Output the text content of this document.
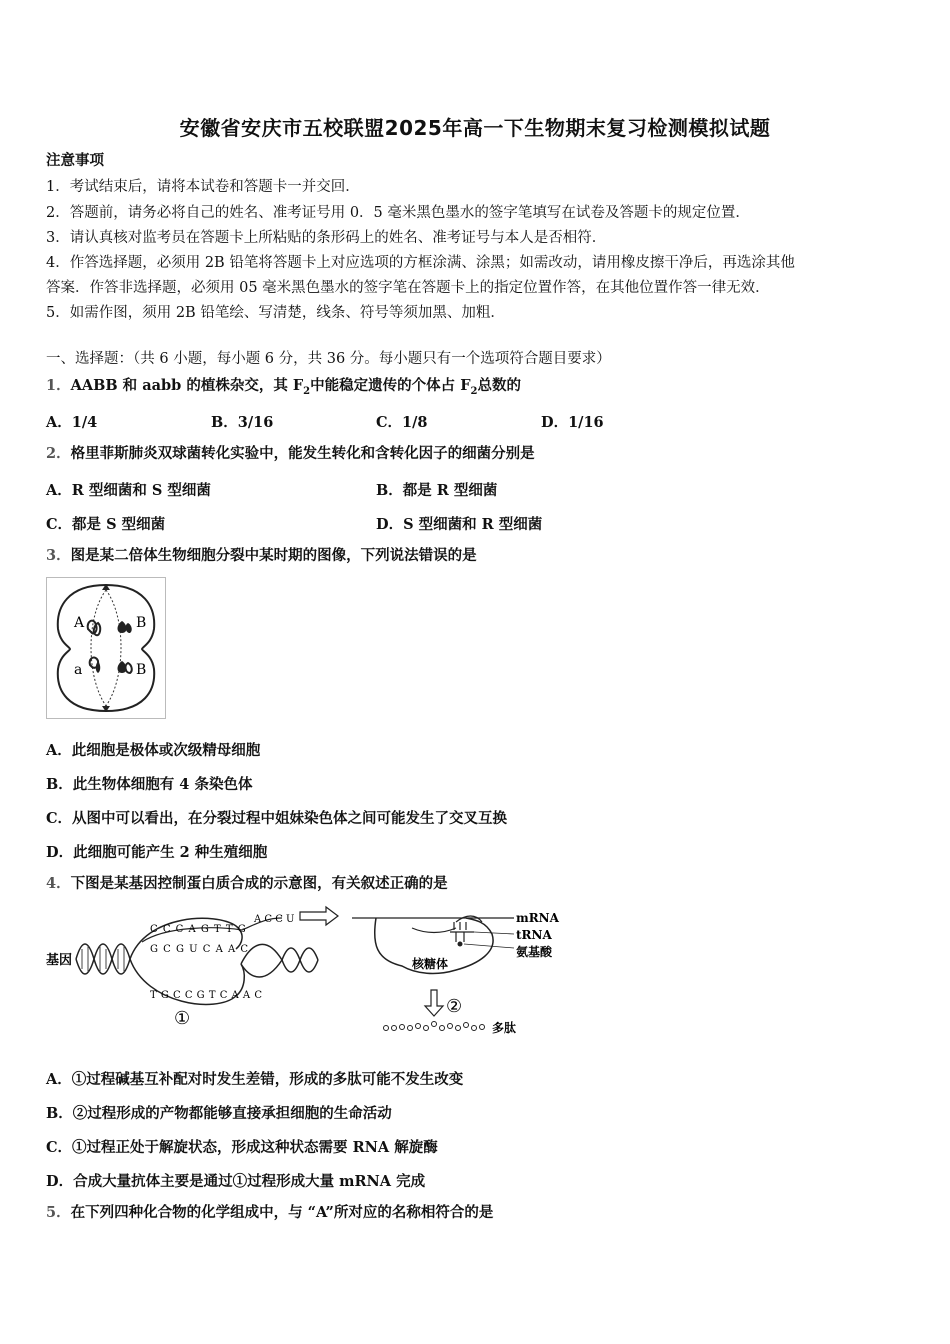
安徽省安庆市五校联盟2025年高一下生物期末复习检测模拟试题
注意事项
1．考试结束后，请将本试卷和答题卡一并交回．
2．答题前，请务必将自己的姓名、准考证号用 0．5 毫米黑色墨水的签字笔填写在试卷及答题卡的规定位置．
3．请认真核对监考员在答题卡上所粘贴的条形码上的姓名、准考证号与本人是否相符．
4．作答选择题，必须用 2B 铅笔将答题卡上对应选项的方框涂满、涂黑；如需改动，请用橡皮擦干净后，再选涂其他
答案．作答非选择题，必须用 05 毫米黑色墨水的签字笔在答题卡上的指定位置作答，在其他位置作答一律无效．
5．如需作图，须用 2B 铅笔绘、写清楚，线条、符号等须加黑、加粗．
一、选择题：（共 6 小题，每小题 6 分，共 36 分。每小题只有一个选项符合题目要求）
1．AABB 和 aabb 的植株杂交，其 $F_2$中能稳定遗传的个体占 $F_2$总数的
A．1/4	B．3/16	C．1/8	D．1/16
2．格里菲斯肺炎双球菌转化实验中，能发生转化和含转化因子的细菌分别是
A．R 型细菌和 S 型细菌	B．都是 R 型细菌
C．都是 S 型细菌	D．S 型细菌和 R 型细菌
3．图是某二倍体生物细胞分裂中某时期的图像，下列说法错误的是
A	B
a	B
A．此细胞是极体或次级精母细胞
B．此生物体细胞有 4 条染色体
C．从图中可以看出，在分裂过程中姐妹染色体之间可能发生了交叉互换
D．此细胞可能产生 2 种生殖细胞
4．下图是某基因控制蛋白质合成的示意图，有关叙述正确的是
基因
C C C A G T T G
G C G U C A A C
T G C C G T C A A C
A C C U
①
mRNA
tRNA
氨基酸
核糖体
②
多肽
A．①过程碱基互补配对时发生差错，形成的多肽可能不发生改变
B．②过程形成的产物都能够直接承担细胞的生命活动
C．①过程正处于解旋状态，形成这种状态需要 RNA 解旋酶
D．合成大量抗体主要是通过①过程形成大量 mRNA 完成
5．在下列四种化合物的化学组成中，与 “A”所对应的名称相符合的是
